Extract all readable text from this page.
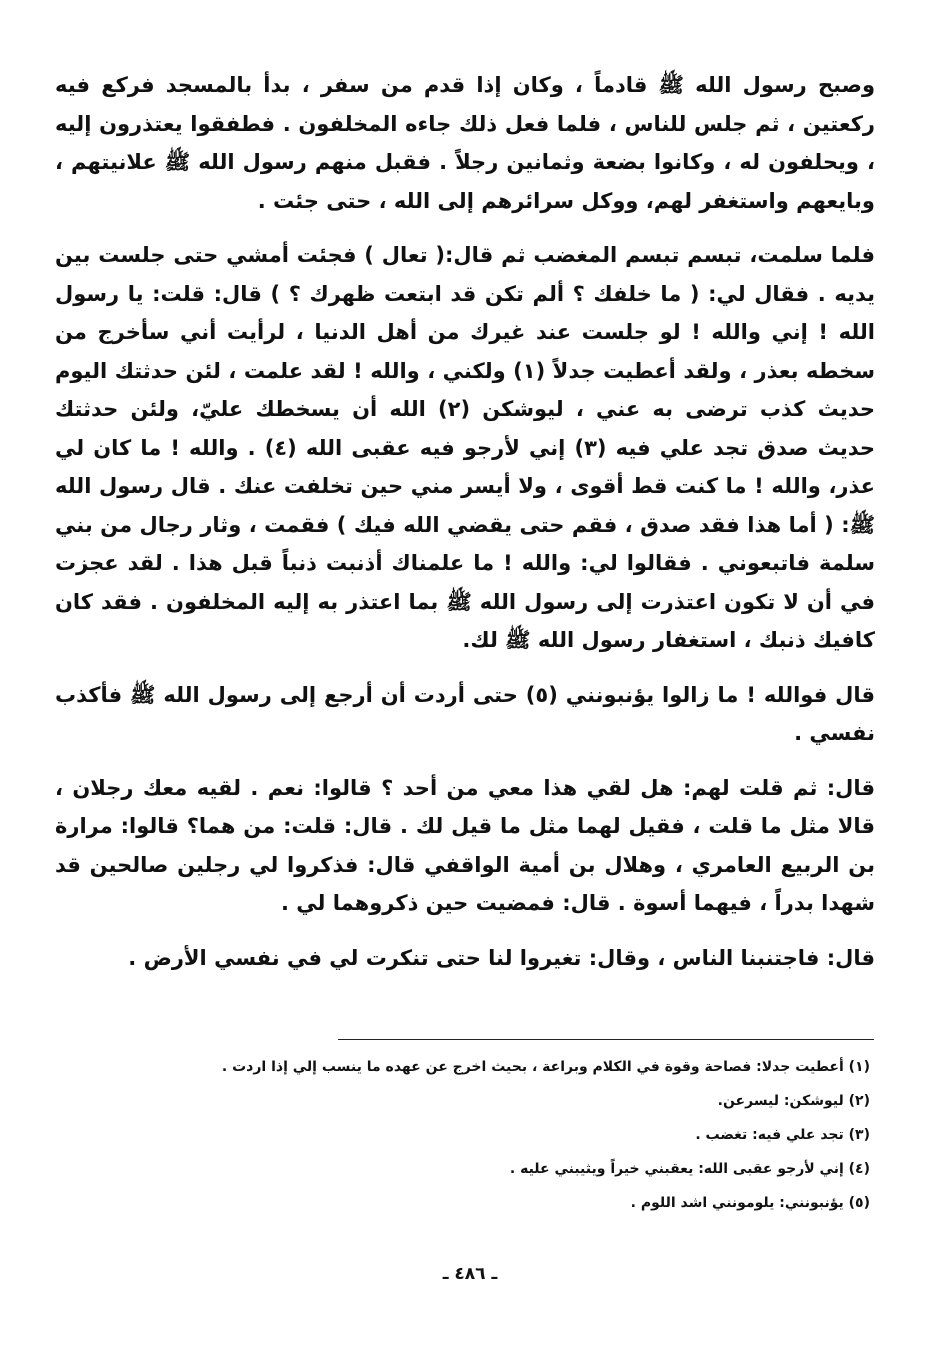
وصبح رسول الله ﷺ قادماً ، وكان إذا قدم من سفر ، بدأ بالمسجد فركع فيه ركعتين ، ثم جلس للناس ، فلما فعل ذلك جاءه المخلفون . فطفقوا يعتذرون إليه ، ويحلفون له ، وكانوا بضعة وثمانين رجلاً . فقبل منهم رسول الله ﷺ علانيتهم ، وبايعهم واستغفر لهم، ووكل سرائرهم إلى الله ، حتى جئت .

فلما سلمت، تبسم تبسم المغضب ثم قال:( تعال ) فجئت أمشي حتى جلست بين يديه . فقال لي: ( ما خلفك ؟ ألم تكن قد ابتعت ظهرك ؟ ) قال: قلت: يا رسول الله ! إني والله ! لو جلست عند غيرك من أهل الدنيا ، لرأيت أني سأخرج من سخطه بعذر ، ولقد أعطيت جدلاً (١) ولكني ، والله ! لقد علمت ، لئن حدثتك اليوم حديث كذب ترضى به عني ، ليوشكن (٢) الله أن يسخطك عليّ، ولئن حدثتك حديث صدق تجد علي فيه (٣) إني لأرجو فيه عقبى الله (٤) . والله ! ما كان لي عذر، والله ! ما كنت قط أقوى ، ولا أيسر مني حين تخلفت عنك . قال رسول الله ﷺ: ( أما هذا فقد صدق ، فقم حتى يقضي الله فيك ) فقمت ، وثار رجال من بني سلمة فاتبعوني . فقالوا لي: والله ! ما علمناك أذنبت ذنباً قبل هذا . لقد عجزت في أن لا تكون اعتذرت إلى رسول الله ﷺ بما اعتذر به إليه المخلفون . فقد كان كافيك ذنبك ، استغفار رسول الله ﷺ لك.

قال فوالله ! ما زالوا يؤنبونني (٥) حتى أردت أن أرجع إلى رسول الله ﷺ فأكذب نفسي .

قال: ثم قلت لهم: هل لقي هذا معي من أحد ؟ قالوا: نعم . لقيه معك رجلان ، قالا مثل ما قلت ، فقيل لهما مثل ما قيل لك . قال: قلت: من هما؟ قالوا: مرارة بن الربيع العامري ، وهلال بن أمية الواقفي قال: فذكروا لي رجلين صالحين قد شهدا بدراً ، فيهما أسوة . قال: فمضيت حين ذكروهما لي .

قال: فاجتنبنا الناس ، وقال: تغيروا لنا حتى تنكرت لي في نفسي الأرض .

(١) أعطيت جدلا: فصاحة وقوة في الكلام وبراعة ، بحيث اخرج عن عهده ما ينسب إلي إذا اردت .

(٢) ليوشكن: ليسرعن.

(٣) تجد علي فيه: تغضب .

(٤) إني لأرجو عقبى الله: يعقبني خيراً ويثيبني عليه .

(٥) يؤنبونني: يلومونني اشد اللوم .

ـ ٤٨٦ ـ
